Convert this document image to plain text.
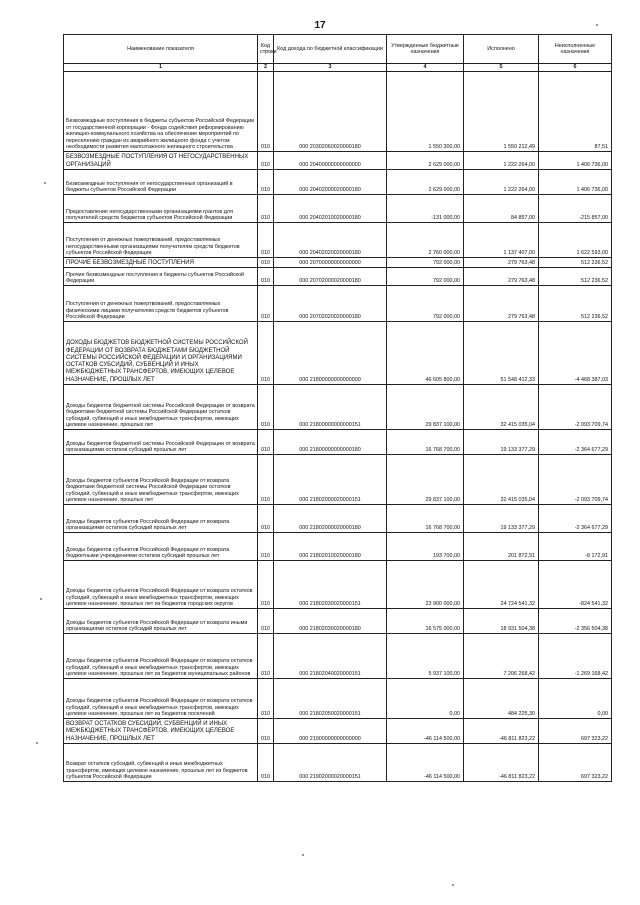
17
Наименование показателя	Код строки	Код дохода по бюджетной классификации	Утвержденные бюджетные назначения	Исполнено	Неисполненные назначения
1	2	3	4	5	6
Безвозмездные поступления в бюджеты субъектов Российской Федерации от государственной корпорации - Фонда содействия реформированию жилищно-коммунального хозяйства на обеспечение мероприятий по переселению граждан из аварийного жилищного фонда с учетом необходимости развития малоэтажного жилищного строительства	010	000 20302060020000180	1 550 300,00	1 550 212,49	87,51
БЕЗВОЗМЕЗДНЫЕ ПОСТУПЛЕНИЯ ОТ НЕГОСУДАРСТВЕННЫХ ОРГАНИЗАЦИЙ	010	000 20400000000000000	2 629 000,00	1 222 264,00	1 406 736,00
Безвозмездные поступления от негосударственных организаций в бюджеты субъектов Российской Федерации	010	000 20402000020000180	2 629 000,00	1 222 264,00	1 406 736,00
Предоставление негосударственными организациями грантов для получателей средств бюджетов субъектов Российской Федерации	010	000 20402010020000180	-131 000,00	84 857,00	-215 857,00
Поступления от денежных пожертвований, предоставляемых негосударственными организациями получателям средств бюджетов субъектов Российской Федерации	010	000 20402020020000180	2 760 000,00	1 137 407,00	1 622 593,00
ПРОЧИЕ БЕЗВОЗМЕЗДНЫЕ ПОСТУПЛЕНИЯ	010	000 20700000000000000	792 000,00	279 763,48	512 236,52
Прочие безвозмездные поступления в бюджеты субъектов Российской Федерации	010	000 20702000020000180	792 000,00	279 763,48	512 236,52
Поступления от денежных пожертвований, предоставляемых физическими лицами получателям средств бюджетов субъектов Российской Федерации	010	000 20702020020000180	792 000,00	279 763,48	512 236,52
ДОХОДЫ БЮДЖЕТОВ БЮДЖЕТНОЙ СИСТЕМЫ РОССИЙСКОЙ ФЕДЕРАЦИИ ОТ ВОЗВРАТА БЮДЖЕТАМИ БЮДЖЕТНОЙ СИСТЕМЫ РОССИЙСКОЙ ФЕДЕРАЦИИ И ОРГАНИЗАЦИЯМИ ОСТАТКОВ СУБСИДИЙ, СУБВЕНЦИЙ И ИНЫХ МЕЖБЮДЖЕТНЫХ ТРАНСФЕРТОВ, ИМЕЮЩИХ ЦЕЛЕВОЕ НАЗНАЧЕНИЕ, ПРОШЛЫХ ЛЕТ	010	000 21800000000000000	46 605 800,00	51 548 412,33	-4 468 387,03
Доходы бюджетов бюджетной системы Российской Федерации от возврата бюджетами бюджетной системы Российской Федерации остатков субсидий, субвенций и иных межбюджетных трансфертов, имеющих целевое назначение, прошлых лет	010	000 21800000000000151	29 837 100,00	32 415 035,04	-2 093 709,74
Доходы бюджетов бюджетной системы Российской Федерации от возврата организациями остатков субсидий прошлых лет	010	000 21800000000000180	16 768 700,00	19 133 377,29	-2 364 677,29
Доходы бюджетов субъектов Российской Федерации от возврата бюджетами бюджетной системы Российской Федерации остатков субсидий, субвенций и иных межбюджетных трансфертов, имеющих целевое назначение, прошлых лет	010	000 21802000020000151	29 837 100,00	32 415 035,04	-2 093 709,74
Доходы бюджетов субъектов Российской Федерации от возврата организациями остатков субсидий прошлых лет	010	000 21802000020000180	16 768 700,00	19 133 377,29	-2 364 677,29
Доходы бюджетов субъектов Российской Федерации от возврата бюджетными учреждениями остатков субсидий прошлых лет	010	000 21802010020000180	193 700,00	201 872,91	-8 172,91
Доходы бюджетов субъектов Российской Федерации от возврата остатков субсидий, субвенций и иных межбюджетных трансфертов, имеющих целевое назначение, прошлых лет из бюджетов городских округов	010	000 21802030020000151	23 900 000,00	24 724 541,32	-824 541,32
Доходы бюджетов субъектов Российской Федерации от возврата иными организациями остатков субсидий прошлых лет	010	000 21802030020000180	16 575 000,00	18 931 504,38	-2 356 504,38
Доходы бюджетов субъектов Российской Федерации от возврата остатков субсидий, субвенций и иных межбюджетных трансфертов, имеющих целевое назначение, прошлых лет из бюджетов муниципальных районов	010	000 21802040020000151	5 937 100,00	7 206 268,42	-1 269 168,42
Доходы бюджетов субъектов Российской Федерации от возврата остатков субсидий, субвенций и иных межбюджетных трансфертов, имеющих целевое назначение, прошлых лет из бюджетов поселений	010	000 21802050020000151	0,00	484 225,30	0,00
ВОЗВРАТ ОСТАТКОВ СУБСИДИЙ, СУБВЕНЦИЙ И ИНЫХ МЕЖБЮДЖЕТНЫХ ТРАНСФЕРТОВ, ИМЕЮЩИХ ЦЕЛЕВОЕ НАЗНАЧЕНИЕ, ПРОШЛЫХ ЛЕТ	010	000 21900000000000000	-46 114 500,00	-46 811 823,22	697 323,22
Возврат остатков субсидий, субвенций и иных межбюджетных трансфертов, имеющих целевое назначение, прошлых лет из бюджетов субъектов Российской Федерации	010	000 21902000020000151	-46 114 500,00	-46 811 823,22	697 323,22
